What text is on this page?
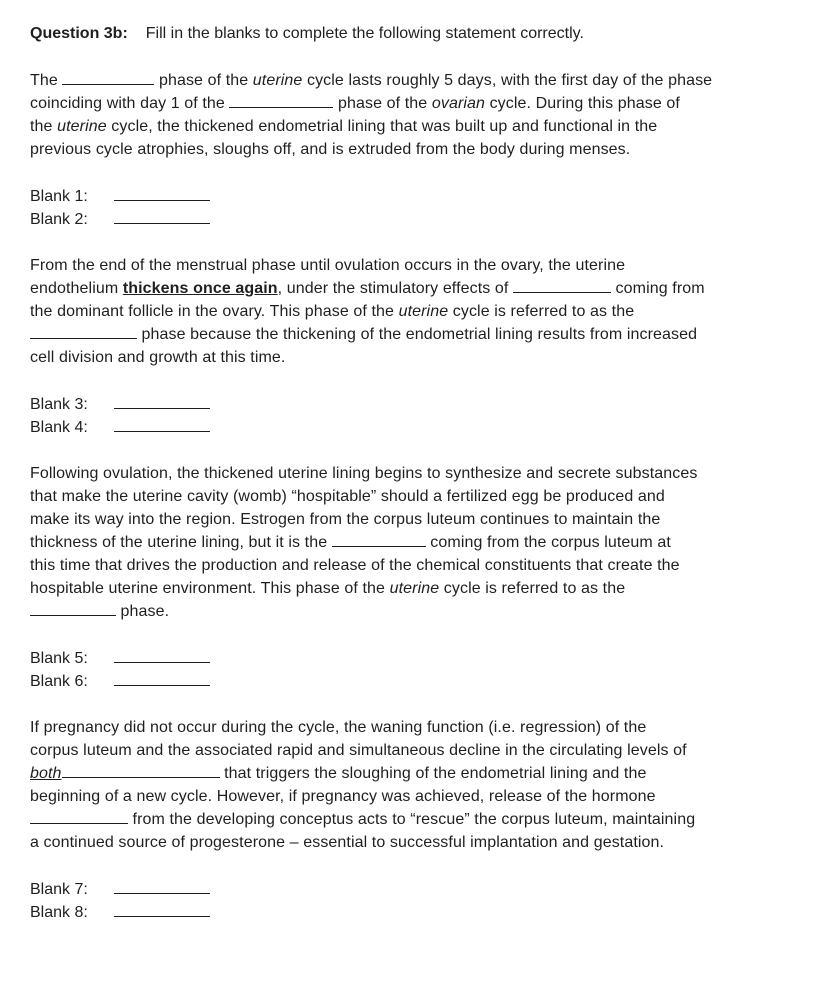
Question 3b: Fill in the blanks to complete the following statement correctly.
The	phase of the uterine cycle lasts roughly 5 days, with the first day of the phase
coinciding with day 1 of the	phase of the ovarian cycle. During this phase of
the uterine cycle, the thickened endometrial lining that was built up and functional in the
previous cycle atrophies, sloughs off, and is extruded from the body during menses.
Blank 1:
Blank 2:
From the end of the menstrual phase until ovulation occurs in the ovary, the uterine
endothelium thickens once again, under the stimulatory effects of	coming from
the dominant follicle in the ovary. This phase of the uterine cycle is referred to as the
phase because the thickening of the endometrial lining results from increased
cell division and growth at this time.
Blank 3:
Blank 4:
Following ovulation, the thickened uterine lining begins to synthesize and secrete substances
that make the uterine cavity (womb) “hospitable” should a fertilized egg be produced and
make its way into the region. Estrogen from the corpus luteum continues to maintain the
thickness of the uterine lining, but it is the	coming from the corpus luteum at
this time that drives the production and release of the chemical constituents that create the
hospitable uterine environment. This phase of the uterine cycle is referred to as the
phase.
Blank 5:
Blank 6:
If pregnancy did not occur during the cycle, the waning function (i.e. regression) of the
corpus luteum and the associated rapid and simultaneous decline in the circulating levels of
both	that triggers the sloughing of the endometrial lining and the
beginning of a new cycle. However, if pregnancy was achieved, release of the hormone
from the developing conceptus acts to “rescue” the corpus luteum, maintaining
a continued source of progesterone – essential to successful implantation and gestation.
Blank 7:
Blank 8:
